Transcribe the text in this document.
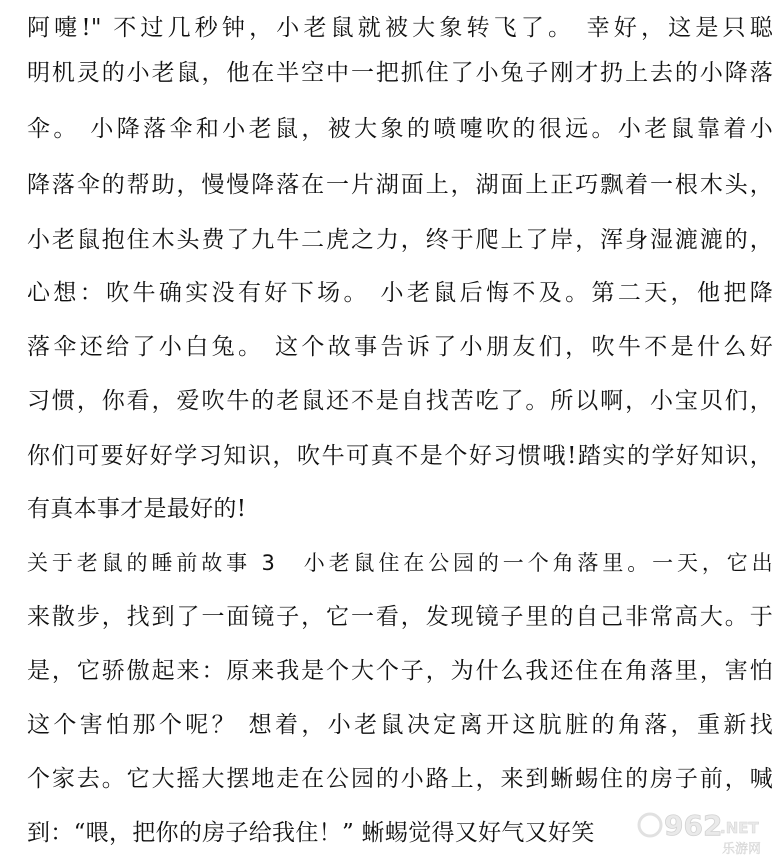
阿嚏!" 不过几秒钟，小老鼠就被大象转飞了。 幸好，这是只聪
明机灵的小老鼠，他在半空中一把抓住了小兔子刚才扔上去的小降落
伞。 小降落伞和小老鼠，被大象的喷嚏吹的很远。小老鼠靠着小
降落伞的帮助，慢慢降落在一片湖面上，湖面上正巧飘着一根木头，
小老鼠抱住木头费了九牛二虎之力，终于爬上了岸，浑身湿漉漉的，
心想：吹牛确实没有好下场。 小老鼠后悔不及。第二天，他把降
落伞还给了小白兔。 这个故事告诉了小朋友们，吹牛不是什么好
习惯，你看，爱吹牛的老鼠还不是自找苦吃了。所以啊，小宝贝们，
你们可要好好学习知识，吹牛可真不是个好习惯哦!踏实的学好知识，
有真本事才是最好的!
关于老鼠的睡前故事 3　 小老鼠住在公园的一个角落里。一天，它出
来散步，找到了一面镜子，它一看，发现镜子里的自己非常高大。于
是，它骄傲起来：原来我是个大个子，为什么我还住在角落里，害怕
这个害怕那个呢？ 想着，小老鼠决定离开这肮脏的角落，重新找
个家去。它大摇大摆地走在公园的小路上，来到蜥蜴住的房子前，喊
到：“喂，把你的房子给我住！” 蜥蜴觉得又好气又好笑	962
.NET
乐游网
